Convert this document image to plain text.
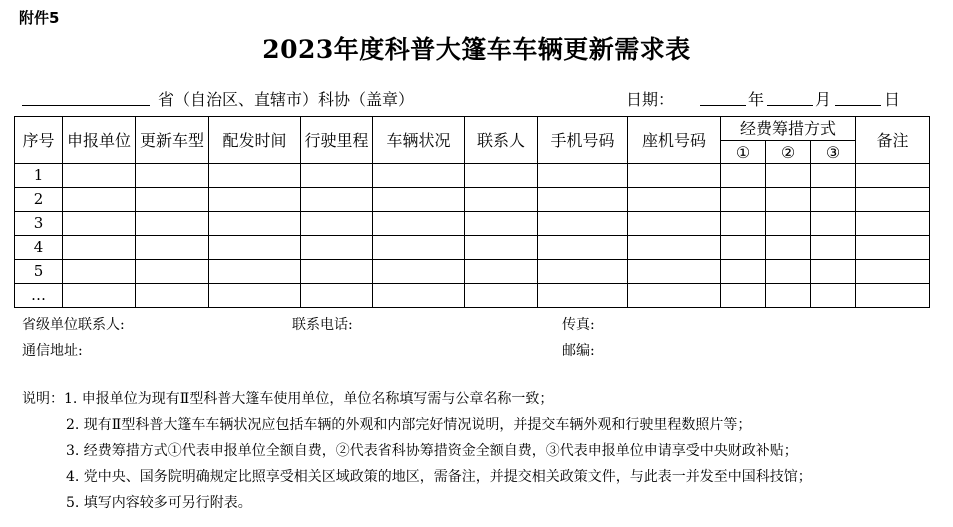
附件5
2023年度科普大篷车车辆更新需求表
省（自治区、直辖市）科协（盖章）	日期：	年	月	日
序号	申报单位	更新车型	配发时间	行驶里程	车辆状况	联系人	手机号码	座机号码	经费筹措方式			备注
									①	②	③	
1												
2												
3												
4												
5												
…												
省级单位联系人:	联系电话:	传真:
通信地址:	邮编:
说明：1. 申报单位为现有Ⅱ型科普大篷车使用单位，单位名称填写需与公章名称一致；
2. 现有Ⅱ型科普大篷车车辆状况应包括车辆的外观和内部完好情况说明，并提交车辆外观和行驶里程数照片等；
3. 经费筹措方式①代表申报单位全额自费，②代表省科协筹措资金全额自费，③代表申报单位申请享受中央财政补贴；
4. 党中央、国务院明确规定比照享受相关区域政策的地区，需备注，并提交相关政策文件，与此表一并发至中国科技馆；
5. 填写内容较多可另行附表。
